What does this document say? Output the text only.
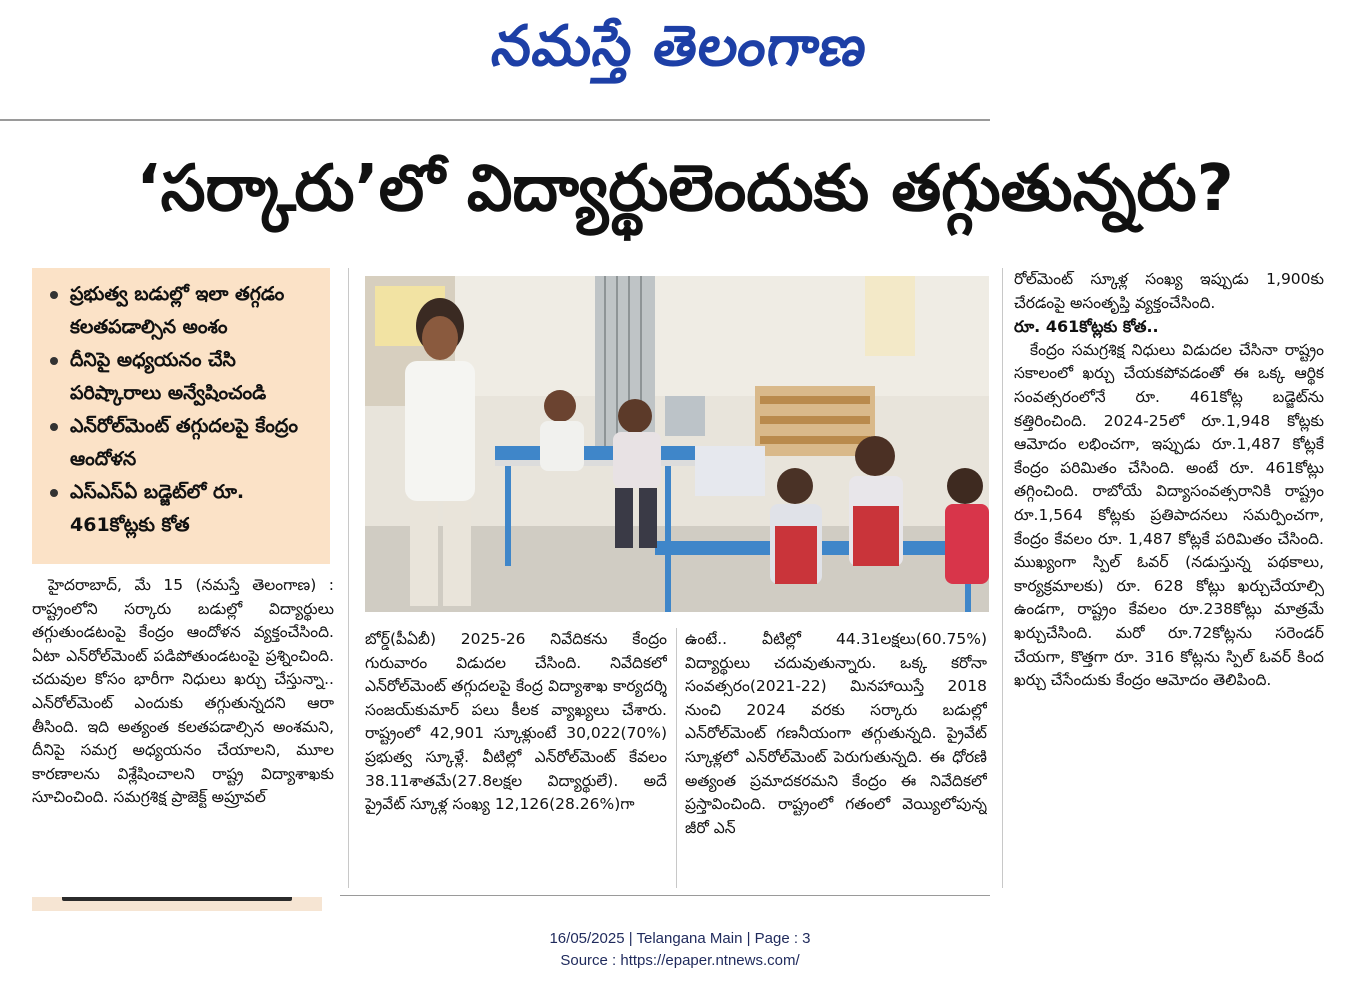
నమస్తే తెలంగాణ
‘సర్కారు’లో విద్యార్థులెందుకు తగ్గుతున్నరు?
ప్రభుత్వ బడుల్లో ఇలా తగ్గడం కలతపడాల్సిన అంశం
దీనిపై అధ్యయనం చేసి పరిష్కారాలు అన్వేషించండి
ఎన్‌రోల్‌మెంట్ తగ్గుదలపై కేంద్రం ఆందోళన
ఎస్‌ఎస్‌ఏ బడ్జెట్‌లో రూ. 461కోట్లకు కోత

హైదరాబాద్, మే 15 (నమస్తే తెలంగాణ) : రాష్ట్రంలోని సర్కారు బడుల్లో విద్యార్థులు తగ్గుతుండటంపై కేంద్రం ఆందోళన వ్యక్తంచేసింది. ఏటా ఎన్‌రోల్‌మెంట్ పడిపోతుండటంపై ప్రశ్నించింది. చదువుల కోసం భారీగా నిధులు ఖర్చు చేస్తున్నా.. ఎన్‌రోల్‌మెంట్ ఎందుకు తగ్గుతున్నదని ఆరా తీసింది. ఇది అత్యంత కలతపడాల్సిన అంశమని, దీనిపై సమగ్ర అధ్యయనం చేయాలని, మూల కారణాలను విశ్లేషించాలని రాష్ట్ర విద్యాశాఖకు సూచించింది. సమగ్రశిక్ష ప్రాజెక్ట్ అప్రూవల్

బోర్డ్(పీఏబీ) 2025-26 నివేదికను కేంద్రం గురువారం విడుదల చేసింది. నివేదికలో ఎన్‌రోల్‌మెంట్ తగ్గుదలపై కేంద్ర విద్యాశాఖ కార్యదర్శి సంజయ్‌కుమార్ పలు కీలక వ్యాఖ్యలు చేశారు. రాష్ట్రంలో 42,901 స్కూళ్లుంటే 30,022(70%) ప్రభుత్వ స్కూళ్లే. వీటిల్లో ఎన్‌రోల్‌మెంట్ కేవలం 38.11శాతమే(27.8లక్షల విద్యార్థులే). అదే ప్రైవేట్ స్కూళ్ల సంఖ్య 12,126(28.26%)గా

ఉంటే.. వీటిల్లో 44.31లక్షలు(60.75%) విద్యార్థులు చదువుతున్నారు. ఒక్క కరోనా సంవత్సరం(2021-22) మినహాయిస్తే 2018 నుంచి 2024 వరకు సర్కారు బడుల్లో ఎన్‌రోల్‌మెంట్ గణనీయంగా తగ్గుతున్నది. ప్రైవేట్ స్కూళ్లలో ఎన్‌రోల్‌మెంట్ పెరుగుతున్నది. ఈ ధోరణి అత్యంత ప్రమాదకరమని కేంద్రం ఈ నివేదికలో ప్రస్తావించింది. రాష్ట్రంలో గతంలో వెయ్యిలోపున్న జీరో ఎన్

రోల్‌మెంట్ స్కూళ్ల సంఖ్య ఇప్పుడు 1,900కు చేరడంపై అసంతృప్తి వ్యక్తంచేసింది.

రూ. 461కోట్లకు కోత..

కేంద్రం సమగ్రశిక్ష నిధులు విడుదల చేసినా రాష్ట్రం సకాలంలో ఖర్చు చేయకపోవడంతో ఈ ఒక్క ఆర్థిక సంవత్సరంలోనే రూ. 461కోట్ల బడ్జెట్‌ను కత్తిరించింది. 2024-25లో రూ.1,948 కోట్లకు ఆమోదం లభించగా, ఇప్పుడు రూ.1,487 కోట్లకే కేంద్రం పరిమితం చేసింది. అంటే రూ. 461కోట్లు తగ్గించింది. రాబోయే విద్యాసంవత్సరానికి రాష్ట్రం రూ.1,564 కోట్లకు ప్రతిపాదనలు సమర్పించగా, కేంద్రం కేవలం రూ. 1,487 కోట్లకే పరిమితం చేసింది. ముఖ్యంగా స్పిల్ ఓవర్ (నడుస్తున్న పథకాలు, కార్యక్రమాలకు) రూ. 628 కోట్లు ఖర్చుచేయాల్సి ఉండగా, రాష్ట్రం కేవలం రూ.238కోట్లు మాత్రమే ఖర్చుచేసింది. మరో రూ.72కోట్లను సరెండర్ చేయగా, కొత్తగా రూ. 316 కోట్లను స్పిల్ ఓవర్ కింద ఖర్చు చేసేందుకు కేంద్రం ఆమోదం తెలిపింది.

16/05/2025 | Telangana Main | Page : 3
Source : https://epaper.ntnews.com/
